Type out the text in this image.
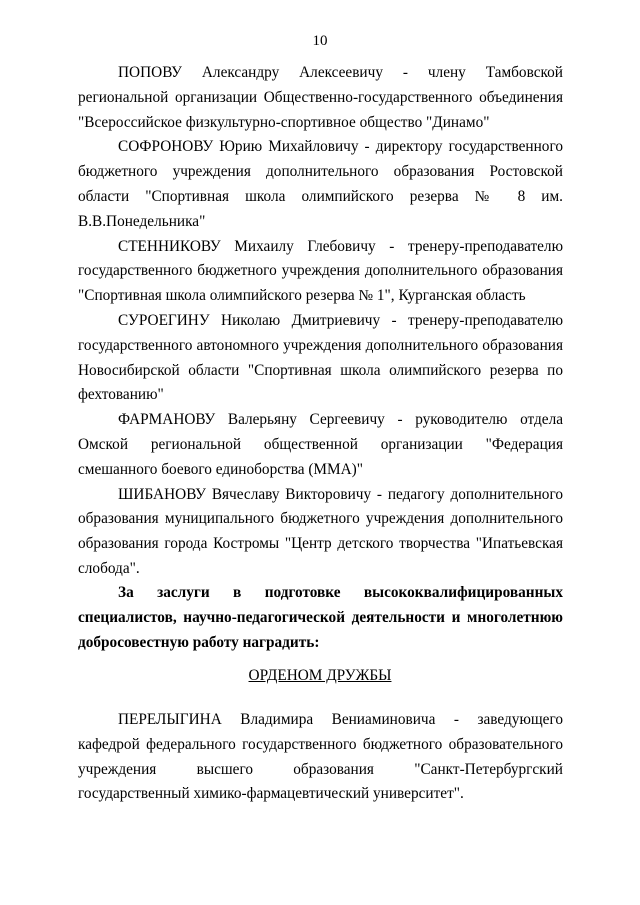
10

ПОПОВУ Александру Алексеевичу - члену Тамбовской региональной организации Общественно-государственного объединения "Всероссийское физкультурно-спортивное общество "Динамо"

СОФРОНОВУ Юрию Михайловичу - директору государственного бюджетного учреждения дополнительного образования Ростовской области "Спортивная школа олимпийского резерва № 8 им. В.В.Понедельника"

СТЕННИКОВУ Михаилу Глебовичу - тренеру-преподавателю государственного бюджетного учреждения дополнительного образования "Спортивная школа олимпийского резерва № 1", Курганская область

СУРОЕГИНУ Николаю Дмитриевичу - тренеру-преподавателю государственного автономного учреждения дополнительного образования Новосибирской области "Спортивная школа олимпийского резерва по фехтованию"

ФАРМАНОВУ Валерьяну Сергеевичу - руководителю отдела Омской региональной общественной организации "Федерация смешанного боевого единоборства (ММА)"

ШИБАНОВУ Вячеславу Викторовичу - педагогу дополнительного образования муниципального бюджетного учреждения дополнительного образования города Костромы "Центр детского творчества "Ипатьевская слобода".

За заслуги в подготовке высококвалифицированных специалистов, научно-педагогической деятельности и многолетнюю добросовестную работу наградить:

ОРДЕНОМ ДРУЖБЫ

ПЕРЕЛЫГИНА Владимира Вениаминовича - заведующего кафедрой федерального государственного бюджетного образовательного учреждения высшего образования "Санкт-Петербургский государственный химико-фармацевтический университет".
